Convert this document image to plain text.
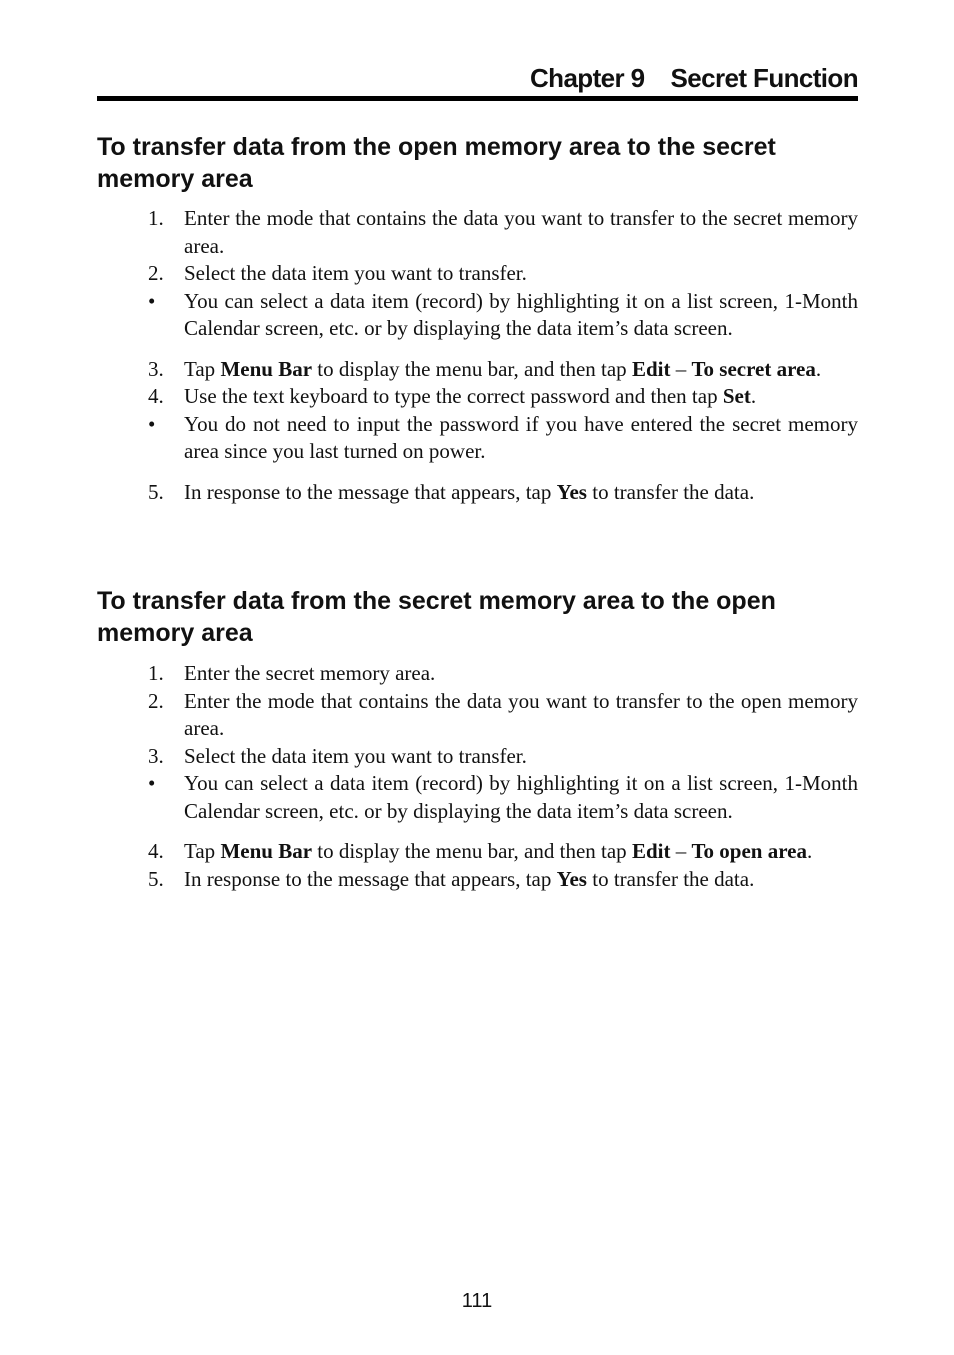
Chapter 9 Secret Function
To transfer data from the open memory area to the secret memory area
1. Enter the mode that contains the data you want to transfer to the secret memory area.
2. Select the data item you want to transfer.
• You can select a data item (record) by highlighting it on a list screen, 1-Month Calendar screen, etc. or by displaying the data item’s data screen.
3. Tap Menu Bar to display the menu bar, and then tap Edit – To secret area.
4. Use the text keyboard to type the correct password and then tap Set.
• You do not need to input the password if you have entered the secret memory area since you last turned on power.
5. In response to the message that appears, tap Yes to transfer the data.
To transfer data from the secret memory area to the open memory area
1. Enter the secret memory area.
2. Enter the mode that contains the data you want to transfer to the open memory area.
3. Select the data item you want to transfer.
• You can select a data item (record) by highlighting it on a list screen, 1-Month Calendar screen, etc. or by displaying the data item’s data screen.
4. Tap Menu Bar to display the menu bar, and then tap Edit – To open area.
5. In response to the message that appears, tap Yes to transfer the data.
111
